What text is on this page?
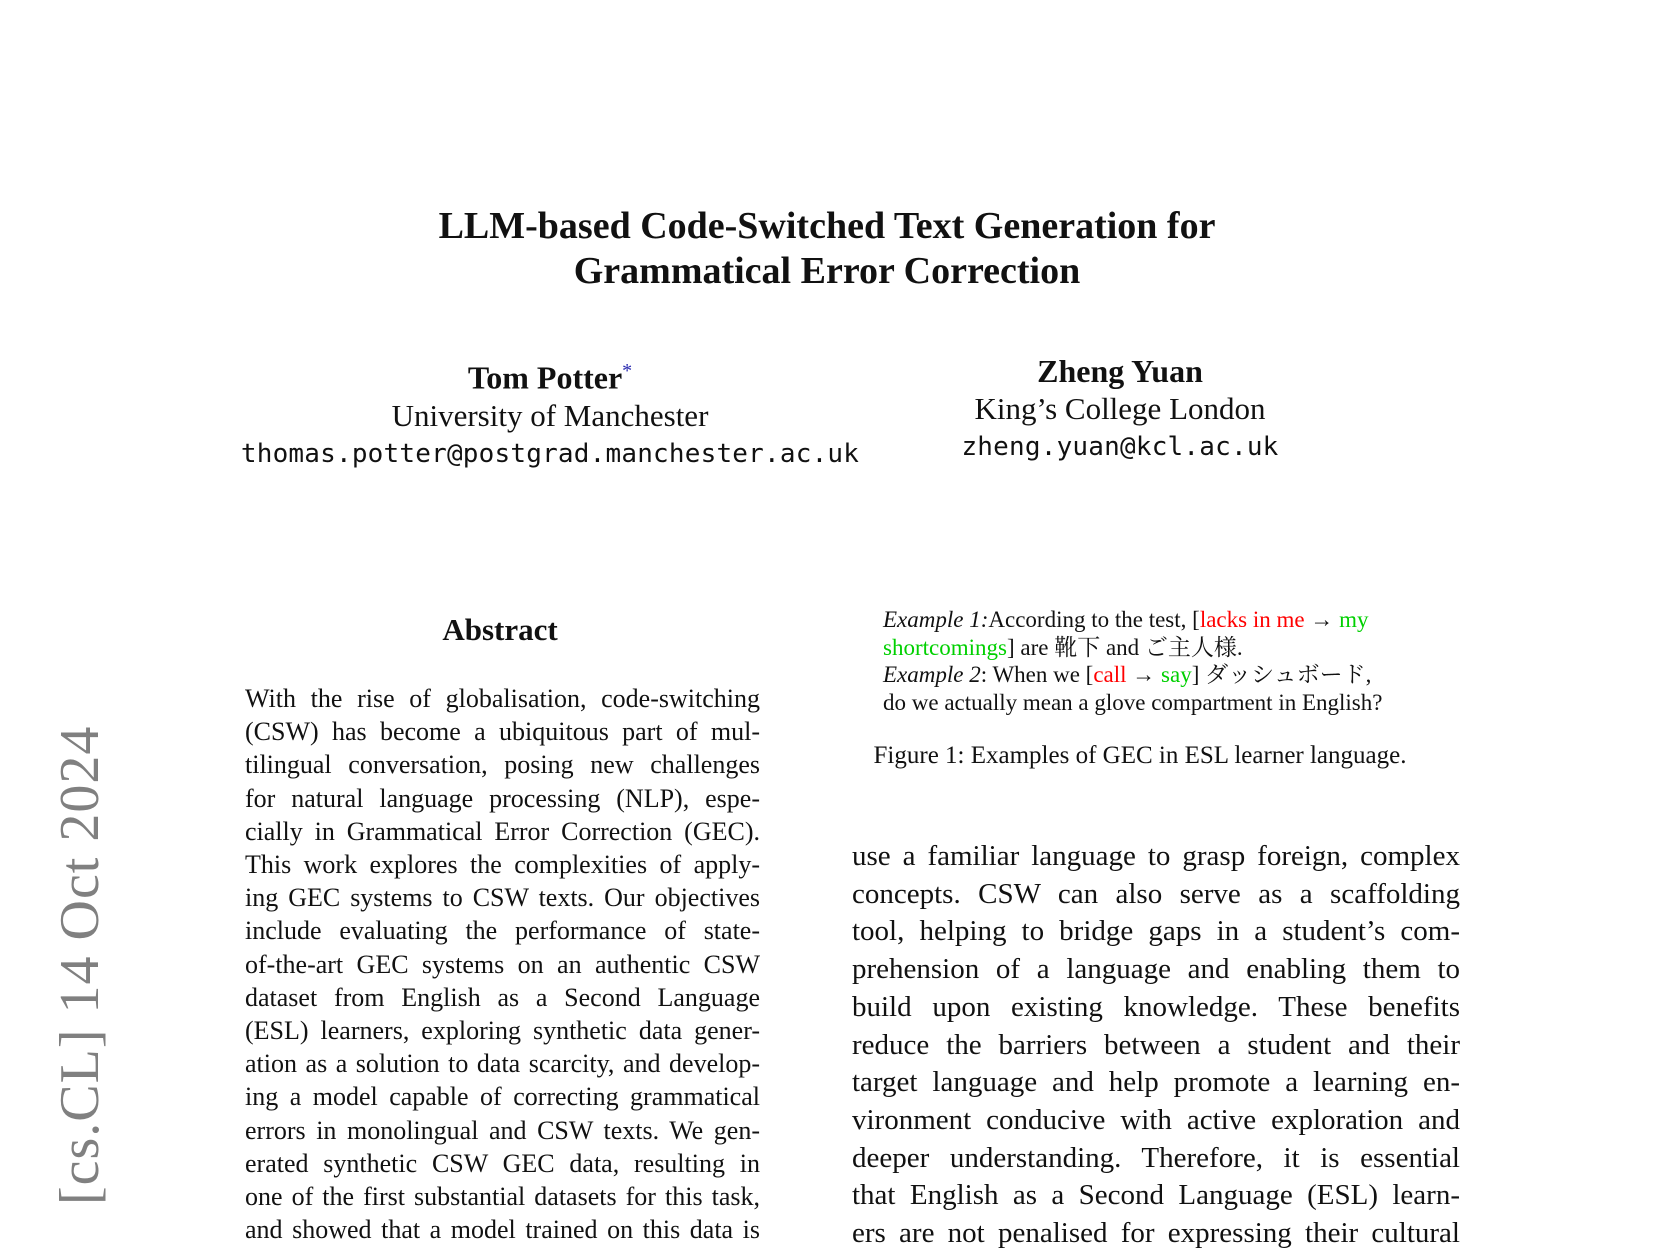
LLM-based Code-Switched Text Generation for
Grammatical Error Correction
Tom Potter*
University of Manchester
thomas.potter@postgrad.manchester.ac.uk
Zheng Yuan
King’s College London
zheng.yuan@kcl.ac.uk
[cs.CL] 14 Oct 2024
Abstract
With the rise of globalisation, code-switching
(CSW) has become a ubiquitous part of mul-
tilingual conversation, posing new challenges
for natural language processing (NLP), espe-
cially in Grammatical Error Correction (GEC).
This work explores the complexities of apply-
ing GEC systems to CSW texts. Our objectives
include evaluating the performance of state-
of-the-art GEC systems on an authentic CSW
dataset from English as a Second Language
(ESL) learners, exploring synthetic data gener-
ation as a solution to data scarcity, and develop-
ing a model capable of correcting grammatical
errors in monolingual and CSW texts. We gen-
erated synthetic CSW GEC data, resulting in
one of the first substantial datasets for this task,
and showed that a model trained on this data is
Example 1:According to the test, [lacks in me → my
shortcomings] are 靴下 and ご主人様.
Example 2: When we [call → say] ダッシュボード,
do we actually mean a glove compartment in English?
Figure 1: Examples of GEC in ESL learner language.
use a familiar language to grasp foreign, complex
concepts. CSW can also serve as a scaffolding
tool, helping to bridge gaps in a student’s com-
prehension of a language and enabling them to
build upon existing knowledge. These benefits
reduce the barriers between a student and their
target language and help promote a learning en-
vironment conducive with active exploration and
deeper understanding. Therefore, it is essential
that English as a Second Language (ESL) learn-
ers are not penalised for expressing their cultural
